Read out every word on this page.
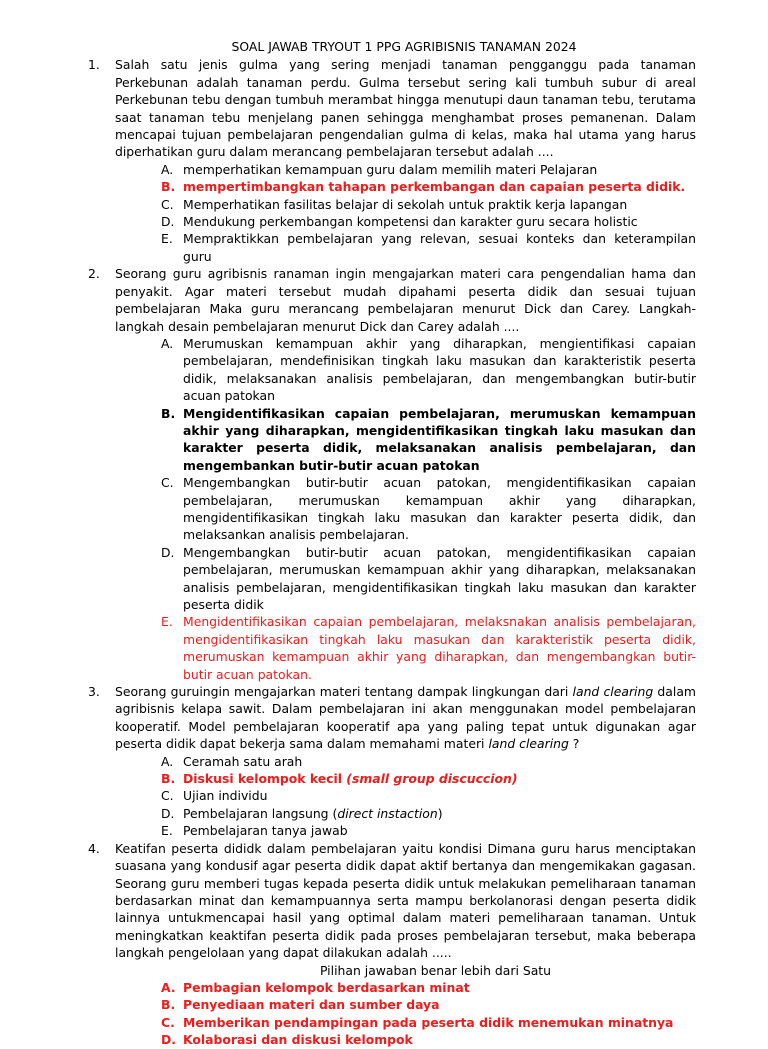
SOAL JAWAB TRYOUT 1 PPG AGRIBISNIS TANAMAN 2024
1. Salah satu jenis gulma yang sering menjadi tanaman pengganggu pada tanaman Perkebunan adalah tanaman perdu. Gulma tersebut sering kali tumbuh subur di areal Perkebunan tebu dengan tumbuh merambat hingga menutupi daun tanaman tebu, terutama saat tanaman tebu menjelang panen sehingga menghambat proses pemanenan. Dalam mencapai tujuan pembelajaran pengendalian gulma di kelas, maka hal utama yang harus diperhatikan guru dalam merancang pembelajaran tersebut adalah ....
A. memperhatikan kemampuan guru dalam memilih materi Pelajaran
B. mempertimbangkan tahapan perkembangan dan capaian peserta didik.
C. Memperhatikan fasilitas belajar di sekolah untuk praktik kerja lapangan
D. Mendukung perkembangan kompetensi dan karakter guru secara holistic
E. Mempraktikkan pembelajaran yang relevan, sesuai konteks dan keterampilan guru
2. Seorang guru agribisnis ranaman ingin mengajarkan materi cara pengendalian hama dan penyakit. Agar materi tersebut mudah dipahami peserta didik dan sesuai tujuan pembelajaran Maka guru merancang pembelajaran menurut Dick dan Carey. Langkah-langkah desain pembelajaran menurut Dick dan Carey adalah ....
A. Merumuskan kemampuan akhir yang diharapkan, mengientifikasi capaian pembelajaran, mendefinisikan tingkah laku masukan dan karakteristik peserta didik, melaksanakan analisis pembelajaran, dan mengembangkan butir-butir acuan patokan
B. Mengidentifikasikan capaian pembelajaran, merumuskan kemampuan akhir yang diharapkan, mengidentifikasikan tingkah laku masukan dan karakter peserta didik, melaksanakan analisis pembelajaran, dan mengembankan butir-butir acuan patokan
C. Mengembangkan butir-butir acuan patokan, mengidentifikasikan capaian pembelajaran, merumuskan kemampuan akhir yang diharapkan, mengidentifikasikan tingkah laku masukan dan karakter peserta didik, dan melaksankan analisis pembelajaran.
D. Mengembangkan butir-butir acuan patokan, mengidentifikasikan capaian pembelajaran, merumuskan kemampuan akhir yang diharapkan, melaksanakan analisis pembelajaran, mengidentifikasikan tingkah laku masukan dan karakter peserta didik
E. Mengidentifikasikan capaian pembelajaran, melaksnakan analisis pembelajaran, mengidentifikasikan tingkah laku masukan dan karakteristik peserta didik, merumuskan kemampuan akhir yang diharapkan, dan mengembangkan butir-butir acuan patokan.
3. Seorang guruingin mengajarkan materi tentang dampak lingkungan dari land clearing dalam agribisnis kelapa sawit. Dalam pembelajaran ini akan menggunakan model pembelajaran kooperatif. Model pembelajaran kooperatif apa yang paling tepat untuk digunakan agar peserta didik dapat bekerja sama dalam memahami materi land clearing ?
A. Ceramah satu arah
B. Diskusi kelompok kecil (small group discuccion)
C. Ujian individu
D. Pembelajaran langsung (direct instaction)
E. Pembelajaran tanya jawab
4. Keatifan peserta dididk dalam pembelajaran yaitu kondisi Dimana guru harus menciptakan suasana yang kondusif agar peserta didik dapat aktif bertanya dan mengemikakan gagasan. Seorang guru memberi tugas kepada peserta didik untuk melakukan pemeliharaan tanaman berdasarkan minat dan kemampuannya serta mampu berkolanorasi dengan peserta didik lainnya untukmencapai hasil yang optimal dalam materi pemeliharaan tanaman. Untuk meningkatkan keaktifan peserta didik pada proses pembelajaran tersebut, maka beberapa langkah pengelolaan yang dapat dilakukan adalah .....
Pilihan jawaban benar lebih dari Satu
A. Pembagian kelompok berdasarkan minat
B. Penyediaan materi dan sumber daya
C. Memberikan pendampingan pada peserta didik menemukan minatnya
D. Kolaborasi dan diskusi kelompok
